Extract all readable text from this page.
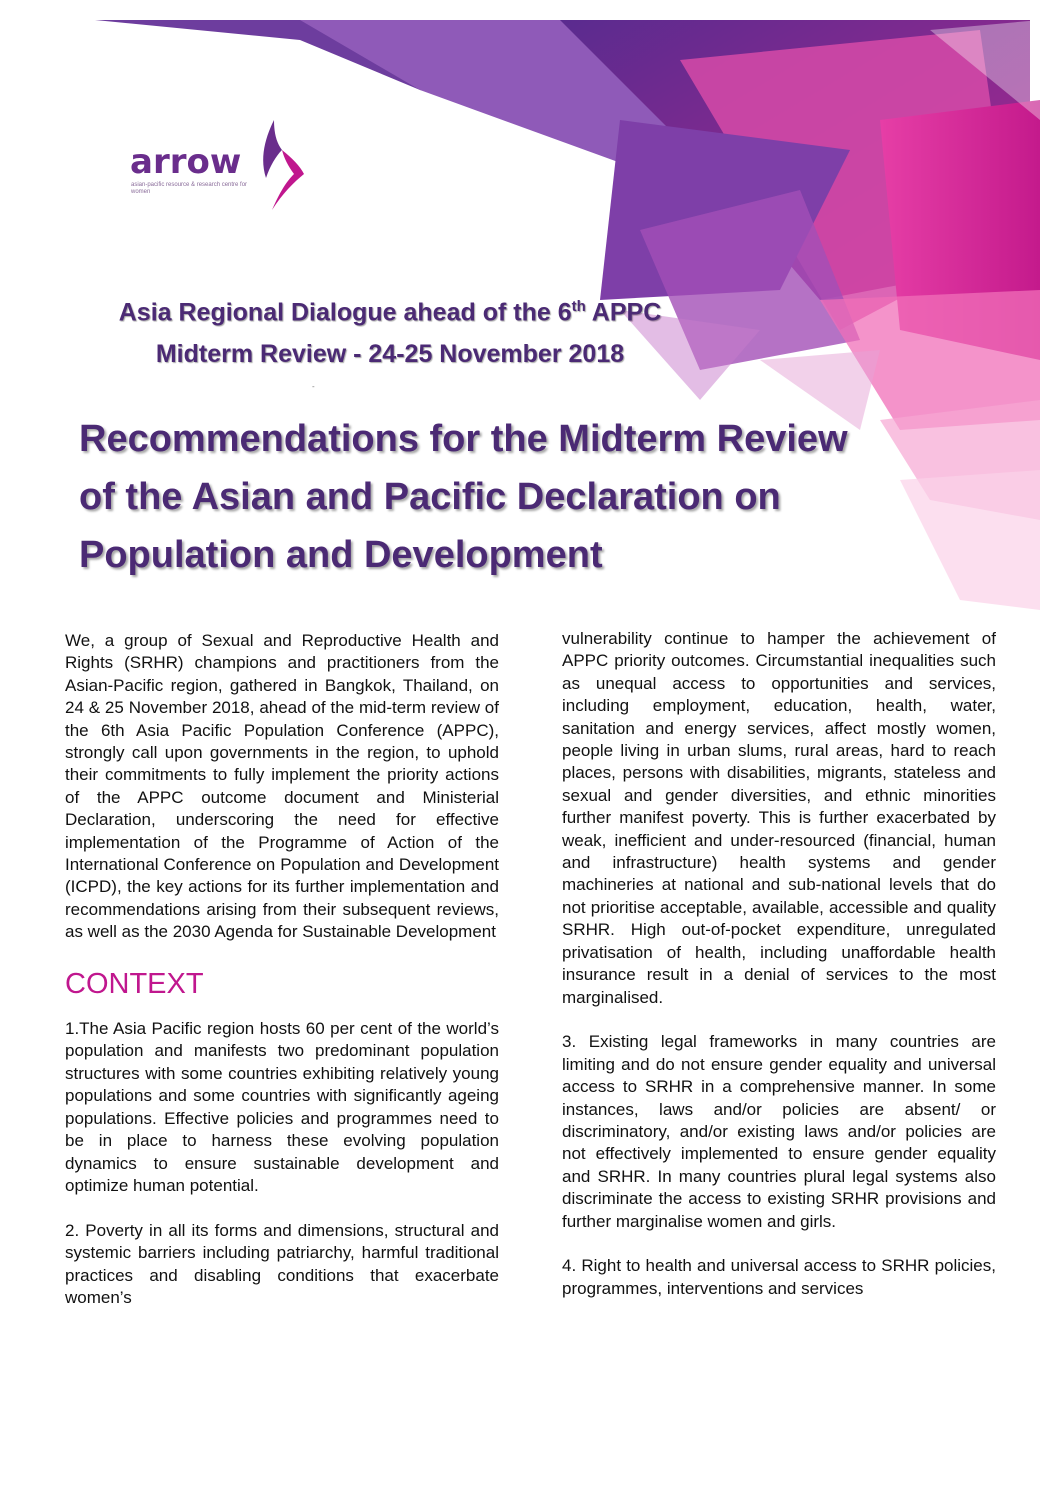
arrow
asian-pacific resource & research centre for women
Asia Regional Dialogue ahead of the 6th APPC
Midterm Review - 24-25 November 2018
-
Recommendations for the Midterm Review
of the Asian and Pacific Declaration on
Population and Development

We, a group of Sexual and Reproductive Health and Rights (SRHR) champions and practitioners from the Asian-Pacific region, gathered in Bangkok, Thailand, on 24 & 25 November 2018, ahead of the mid-term review of the 6th Asia Pacific Population Conference (APPC), strongly call upon governments in the region, to uphold their commitments to fully implement the priority actions of the APPC outcome document and Ministerial Declaration, underscoring the need for effective implementation of the Programme of Action of the International Conference on Population and Development (ICPD), the key actions for its further implementation and recommendations arising from their subsequent reviews, as well as the 2030 Agenda for Sustainable Development

CONTEXT

1.The Asia Pacific region hosts 60 per cent of the world’s population and manifests two predominant population structures with some countries exhibiting relatively young populations and some countries with significantly ageing populations. Effective policies and programmes need to be in place to harness these evolving population dynamics to ensure sustainable development and optimize human potential.

2. Poverty in all its forms and dimensions, structural and systemic barriers including patriarchy, harmful traditional practices and disabling conditions that exacerbate women’s

vulnerability continue to hamper the achievement of APPC priority outcomes. Circumstantial inequalities such as unequal access to opportunities and services, including employment, education, health, water, sanitation and energy services, affect mostly women, people living in urban slums, rural areas, hard to reach places, persons with disabilities, migrants, stateless and sexual and gender diversities, and ethnic minorities further manifest poverty. This is further exacerbated by weak, inefficient and under-resourced (financial, human and infrastructure) health systems and gender machineries at national and sub-national levels that do not prioritise acceptable, available, accessible and quality SRHR. High out-of-pocket expenditure, unregulated privatisation of health, including unaffordable health insurance result in a denial of services to the most marginalised.

3. Existing legal frameworks in many countries are limiting and do not ensure gender equality and universal access to SRHR in a comprehensive manner. In some instances, laws and/or policies are absent/ or discriminatory, and/or existing laws and/or policies are not effectively implemented to ensure gender equality and SRHR. In many countries plural legal systems also discriminate the access to existing SRHR provisions and further marginalise women and girls.

4. Right to health and universal access to SRHR policies, programmes, interventions and services
